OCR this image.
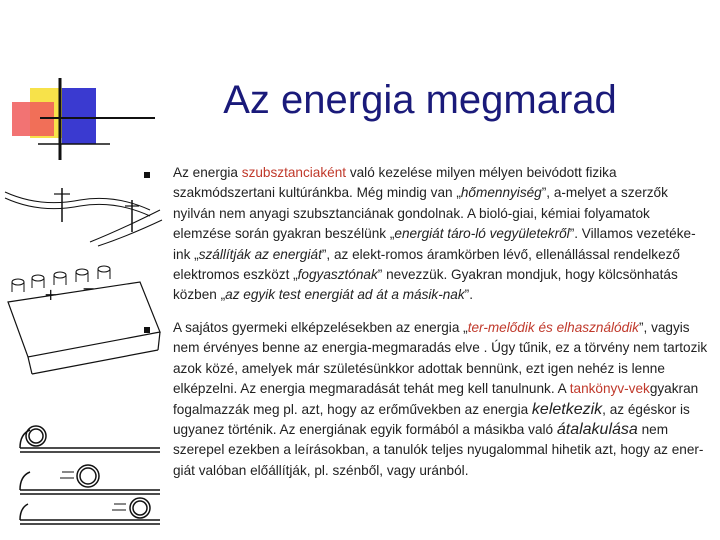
Az energia megmarad
Az energia szubsztanciaként való kezelése milyen mélyen beivódott fizika szakmódszertani kultúránkba. Még mindig van „hőmennyiség”, a-melyet a szerzők nyilván nem anyagi szubsztanciának gondolnak. A bioló-giai, kémiai folyamatok elemzése során gyakran beszélünk „energiát táro-ló vegyületekről”. Villamos vezetéke-ink „szállítják az energiát”, az elekt-romos áramkörben lévő, ellenállással rendelkező elektromos eszközt „fogyasztónak” nevezzük. Gyakran mondjuk, hogy kölcsönhatás közben „az egyik test energiát ad át a másik-nak”.
A sajátos gyermeki elképzelésekben az energia „ter-melődik és elhasználódik”, vagyis nem érvényes benne az energia-megmaradás elve . Úgy tűnik, ez a törvény nem tartozik azok közé, amelyek már születésünkkor adottak bennünk, ezt igen nehéz is lenne elképzelni. Az energia megmaradását tehát meg kell tanulnunk. A tankönyv-vekgyakran fogalmazzák meg pl. azt, hogy az erőművekben az energia keletkezik, az égéskor is ugyanez történik. Az energiának egyik formából a másikba való átalakulása nem szerepel ezekben a leírásokban, a tanulók teljes nyugalommal hihetik azt, hogy az ener-giát valóban előállítják, pl. szénből, vagy uránból.
+ −
